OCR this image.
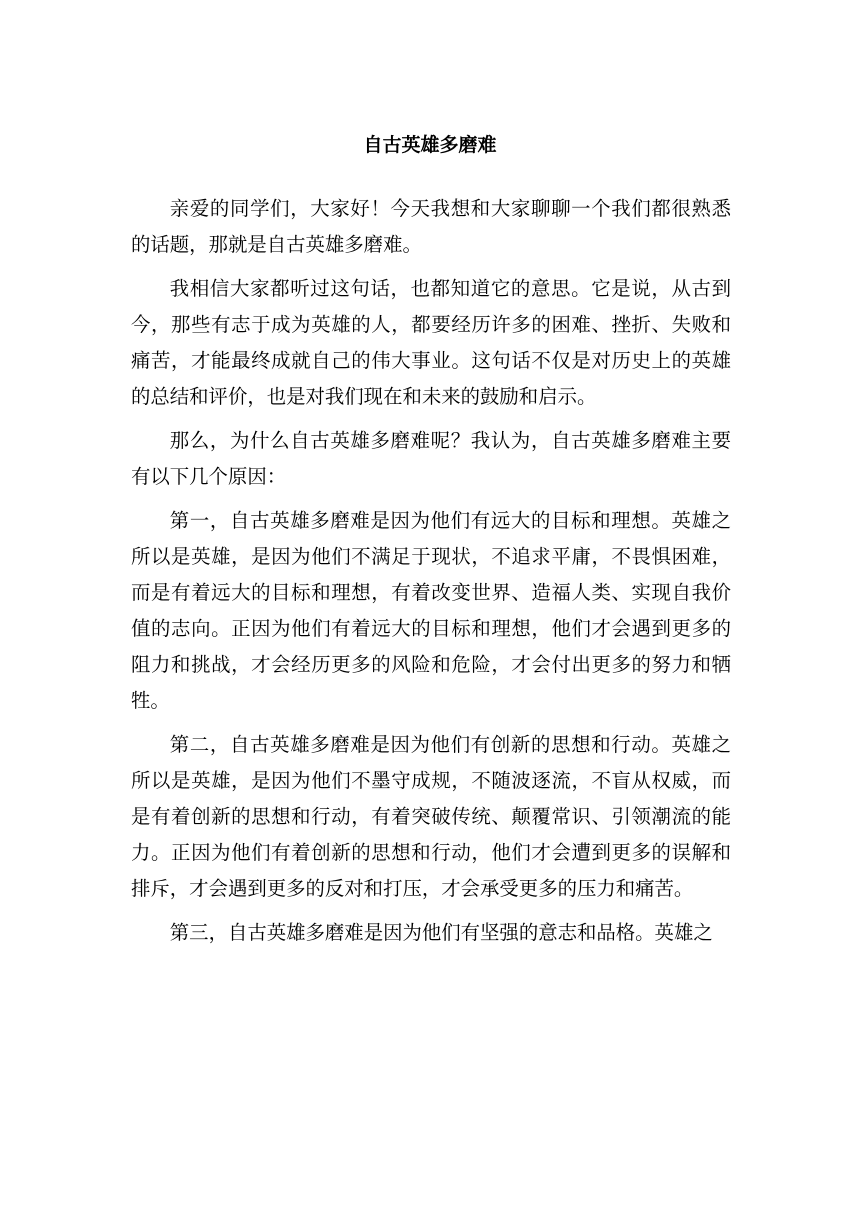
自古英雄多磨难

亲爱的同学们，大家好！今天我想和大家聊聊一个我们都很熟悉的话题，那就是自古英雄多磨难。

我相信大家都听过这句话，也都知道它的意思。它是说，从古到今，那些有志于成为英雄的人，都要经历许多的困难、挫折、失败和痛苦，才能最终成就自己的伟大事业。这句话不仅是对历史上的英雄的总结和评价，也是对我们现在和未来的鼓励和启示。

那么，为什么自古英雄多磨难呢？我认为，自古英雄多磨难主要有以下几个原因：

第一，自古英雄多磨难是因为他们有远大的目标和理想。英雄之所以是英雄，是因为他们不满足于现状，不追求平庸，不畏惧困难，而是有着远大的目标和理想，有着改变世界、造福人类、实现自我价值的志向。正因为他们有着远大的目标和理想，他们才会遇到更多的阻力和挑战，才会经历更多的风险和危险，才会付出更多的努力和牺牲。

第二，自古英雄多磨难是因为他们有创新的思想和行动。英雄之所以是英雄，是因为他们不墨守成规，不随波逐流，不盲从权威，而是有着创新的思想和行动，有着突破传统、颠覆常识、引领潮流的能力。正因为他们有着创新的思想和行动，他们才会遭到更多的误解和排斥，才会遇到更多的反对和打压，才会承受更多的压力和痛苦。

第三，自古英雄多磨难是因为他们有坚强的意志和品格。英雄之
